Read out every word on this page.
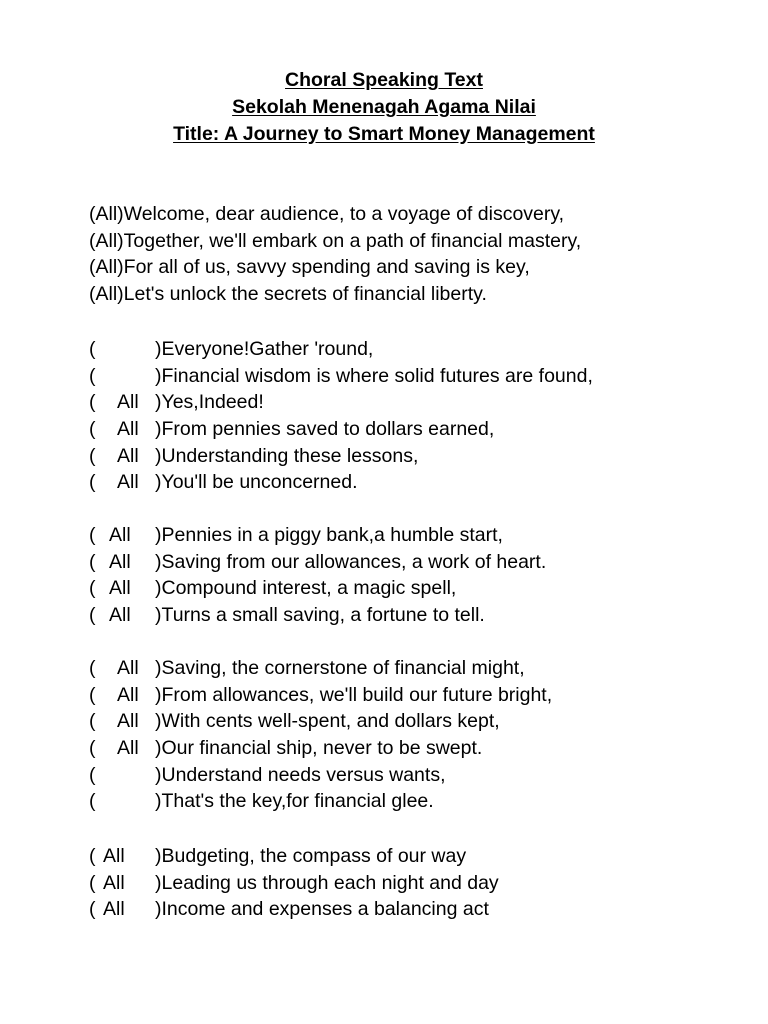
Choral Speaking Text
Sekolah Menenagah Agama Nilai
Title: A Journey to Smart Money Management
(All)Welcome, dear audience, to a voyage of discovery,
(All)Together, we'll embark on a path of financial mastery,
(All)For all of us, savvy spending and saving is key,
(All)Let's unlock the secrets of financial liberty.
(	)Everyone!Gather 'round,
(	)Financial wisdom is where solid futures are found,
( All )Yes,Indeed!
( All )From pennies saved to dollars earned,
( All )Understanding these lessons,
( All )You'll be unconcerned.
( All )Pennies in a piggy bank,a humble start,
( All )Saving from our allowances, a work of heart.
( All )Compound interest, a magic spell,
( All )Turns a small saving, a fortune to tell.
( All )Saving, the cornerstone of financial might,
( All )From allowances, we'll build our future bright,
( All )With cents well-spent, and dollars kept,
( All )Our financial ship, never to be swept.
(	)Understand needs versus wants,
(	)That's the key,for financial glee.
( All )Budgeting, the compass of our way
( All )Leading us through each night and day
( All )Income and expenses a balancing act
